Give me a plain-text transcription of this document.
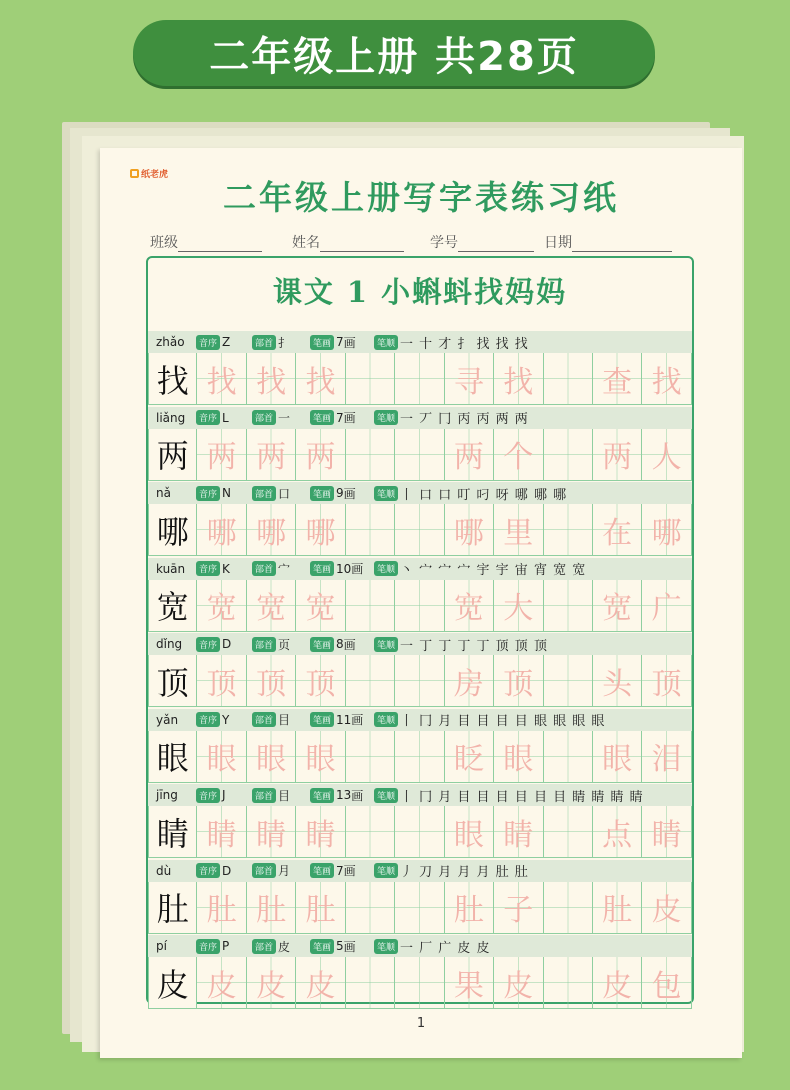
二年级上册 共28页
纸老虎
二年级上册写字表练习纸
班级	姓名	学号	日期
课文 1 小蝌蚪找妈妈
zhǎo	音序 Z	部首 扌	笔画 7 画	笔顺 一 十 才 扌 找 找 找
找 找 找 找	寻 找	查 找
liǎng	音序 L	部首 一	笔画 7 画	笔顺 一 丆 冂 丙 丙 两 两
两 两 两 两	两 个	两 人
nǎ	音序 N	部首 口	笔画 9 画	笔顺 丨 口 口 叮 叼 呀 哪 哪 哪
哪 哪 哪 哪	哪 里	在 哪
kuān	音序 K	部首 宀	笔画 10 画	笔顺 丶 宀 宀 宀 宇 宇 宙 宵 宽 宽
宽 宽 宽 宽	宽 大	宽 广
dǐng	音序 D	部首 页	笔画 8 画	笔顺 一 丁 丁 丁 丁 顶 顶 顶
顶 顶 顶 顶	房 顶	头 顶
yǎn	音序 Y	部首 目	笔画 11 画	笔顺 丨 冂 月 目 目 目 目 眼 眼 眼 眼
眼 眼 眼 眼	眨 眼	眼 泪
jīng	音序 J	部首 目	笔画 13 画	笔顺 丨 冂 月 目 目 目 目 目 目 睛 睛 睛 睛
睛 睛 睛 睛	眼 睛	点 睛
dù	音序 D	部首 月	笔画 7 画	笔顺 丿 刀 月 月 月 肚 肚
肚 肚 肚 肚	肚 子	肚 皮
pí	音序 P	部首 皮	笔画 5 画	笔顺 一 厂 广 皮 皮
皮 皮 皮 皮	果 皮	皮 包
1
